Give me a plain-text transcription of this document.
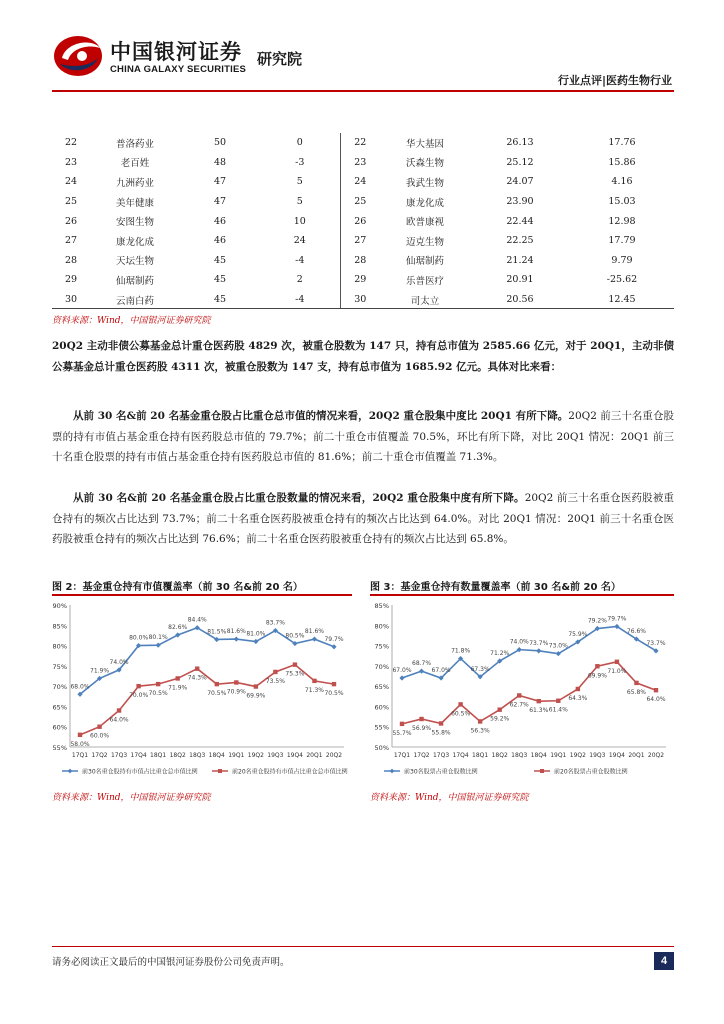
中国银河证券
CHINA GALAXY SECURITIES
研究院
行业点评|医药生物行业
22	普洛药业	50	0	22	华大基因	26.13	17.76
23	老百姓	48	-3	23	沃森生物	25.12	15.86
24	九洲药业	47	5	24	我武生物	24.07	4.16
25	美年健康	47	5	25	康龙化成	23.90	15.03
26	安图生物	46	10	26	欧普康视	22.44	12.98
27	康龙化成	46	24	27	迈克生物	22.25	17.79
28	天坛生物	45	-4	28	仙琚制药	21.24	9.79
29	仙琚制药	45	2	29	乐普医疗	20.91	-25.62
30	云南白药	45	-4	30	司太立	20.56	12.45
资料来源：Wind，中国银河证券研究院
20Q2 主动非债公募基金总计重仓医药股 4829 次，被重仓股数为 147 只，持有总市值为 2585.66 亿元，对于 20Q1，主动非债公募基金总计重仓医药股 4311 次，被重仓股数为 147 支，持有总市值为 1685.92 亿元。具体对比来看：
从前 30 名&前 20 名基金重仓股占比重仓总市值的情况来看，20Q2 重仓股集中度比 20Q1 有所下降。20Q2 前三十名重仓股票的持有市值占基金重仓持有医药股总市值的 79.7%；前二十重仓市值覆盖 70.5%，环比有所下降，对比 20Q1 情况：20Q1 前三十名重仓股票的持有市值占基金重仓持有医药股总市值的 81.6%；前二十重仓市值覆盖 71.3%。
从前 30 名&前 20 名基金重仓股占比重仓股数量的情况来看，20Q2 重仓股集中度有所下降。20Q2 前三十名重仓医药股被重仓持有的频次占比达到 73.7%；前二十名重仓医药股被重仓持有的频次占比达到 64.0%。对比 20Q1 情况：20Q1 前三十名重仓医药股被重仓持有的频次占比达到 76.6%；前二十名重仓医药股被重仓持有的频次占比达到 65.8%。
图 2：基金重仓持有市值覆盖率（前 30 名&前 20 名）	图 3：基金重仓持有数量覆盖率（前 30 名&前 20 名）
55%
60%
65%
70%
75%
80%
85%
90%
17Q1 17Q2 17Q3 17Q4 18Q1 18Q2 18Q3 18Q4 19Q1 19Q2 19Q3 19Q4 20Q1 20Q2
68.0%
71.9%
74.0%
80.0% 80.1%
82.6%
84.4%
81.5% 81.6% 81.0%
83.7%
80.5%
81.6%
79.7%
58.0%
60.0%
64.0%
70.0% 70.5%
71.9%
74.3%
70.5% 70.9%
69.9%
73.5%
75.3%
71.3% 70.5%
前30名重仓股持有市值占比重仓总市值比例	前20名重仓股持有市值占比重仓总市值比例
50%
55%
60%
65%
70%
75%
80%
85%
17Q1 17Q2 17Q3 17Q4 18Q1 18Q2 18Q3 18Q4 19Q1 19Q2 19Q3 19Q4 20Q1 20Q2
67.0%
68.7%
67.0%
71.8%
67.3%
71.2%
74.0% 73.7% 73.0%
75.9%
79.2% 79.7%
76.6%
73.7%
55.7%
56.9%
55.8%
60.5%
56.3%
59.2%
62.7%
61.3% 61.4%
64.3%
69.9%
71.0%
65.8%
64.0%
前30名股票占重仓股数比例	前20名股票占重仓股数比例
资料来源：Wind，中国银河证券研究院	资料来源：Wind，中国银河证券研究院
请务必阅读正文最后的中国银河证券股份公司免责声明。	4
